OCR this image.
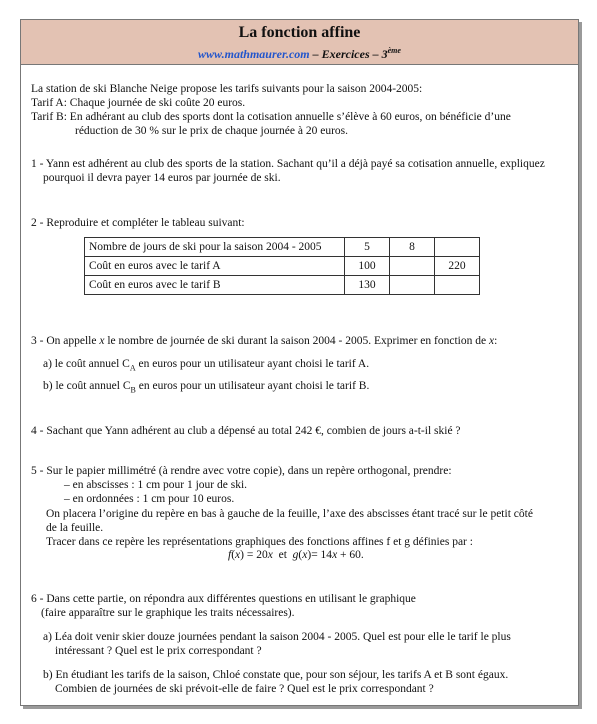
La fonction affine
www.mathmaurer.com – Exercices – 3ème
La station de ski Blanche Neige propose les tarifs suivants pour la saison 2004-2005:
Tarif A: Chaque journée de ski coûte 20 euros.
Tarif B: En adhérant au club des sports dont la cotisation annuelle s’élève à 60 euros, on bénéficie d’une
réduction de 30 % sur le prix de chaque journée à 20 euros.
1 - Yann est adhérent au club des sports de la station. Sachant qu’il a déjà payé sa cotisation annuelle, expliquez
pourquoi il devra payer 14 euros par journée de ski.
2 - Reproduire et compléter le tableau suivant:
Nombre de jours de ski pour la saison 2004 - 2005	5	8	
Coût en euros avec le tarif A	100		220
Coût en euros avec le tarif B	130		
3 - On appelle x le nombre de journée de ski durant la saison 2004 - 2005. Exprimer en fonction de x:
a) le coût annuel $C_A$ en euros pour un utilisateur ayant choisi le tarif A.
b) le coût annuel $C_B$ en euros pour un utilisateur ayant choisi le tarif B.
4 - Sachant que Yann adhérent au club a dépensé au total 242 €, combien de jours a-t-il skié ?
5 - Sur le papier millimétré (à rendre avec votre copie), dans un repère orthogonal, prendre:
– en abscisses : 1 cm pour 1 jour de ski.
– en ordonnées : 1 cm pour 10 euros.
On placera l’origine du repère en bas à gauche de la feuille, l’axe des abscisses étant tracé sur le petit côté
de la feuille.
Tracer dans ce repère les représentations graphiques des fonctions affines f et g définies par :
f(x) = 20x et g(x)= 14x + 60.
6 - Dans cette partie, on répondra aux différentes questions en utilisant le graphique
(faire apparaître sur le graphique les traits nécessaires).
a) Léa doit venir skier douze journées pendant la saison 2004 - 2005. Quel est pour elle le tarif le plus
intéressant ? Quel est le prix correspondant ?
b) En étudiant les tarifs de la saison, Chloé constate que, pour son séjour, les tarifs A et B sont égaux.
Combien de journées de ski prévoit-elle de faire ? Quel est le prix correspondant ?
